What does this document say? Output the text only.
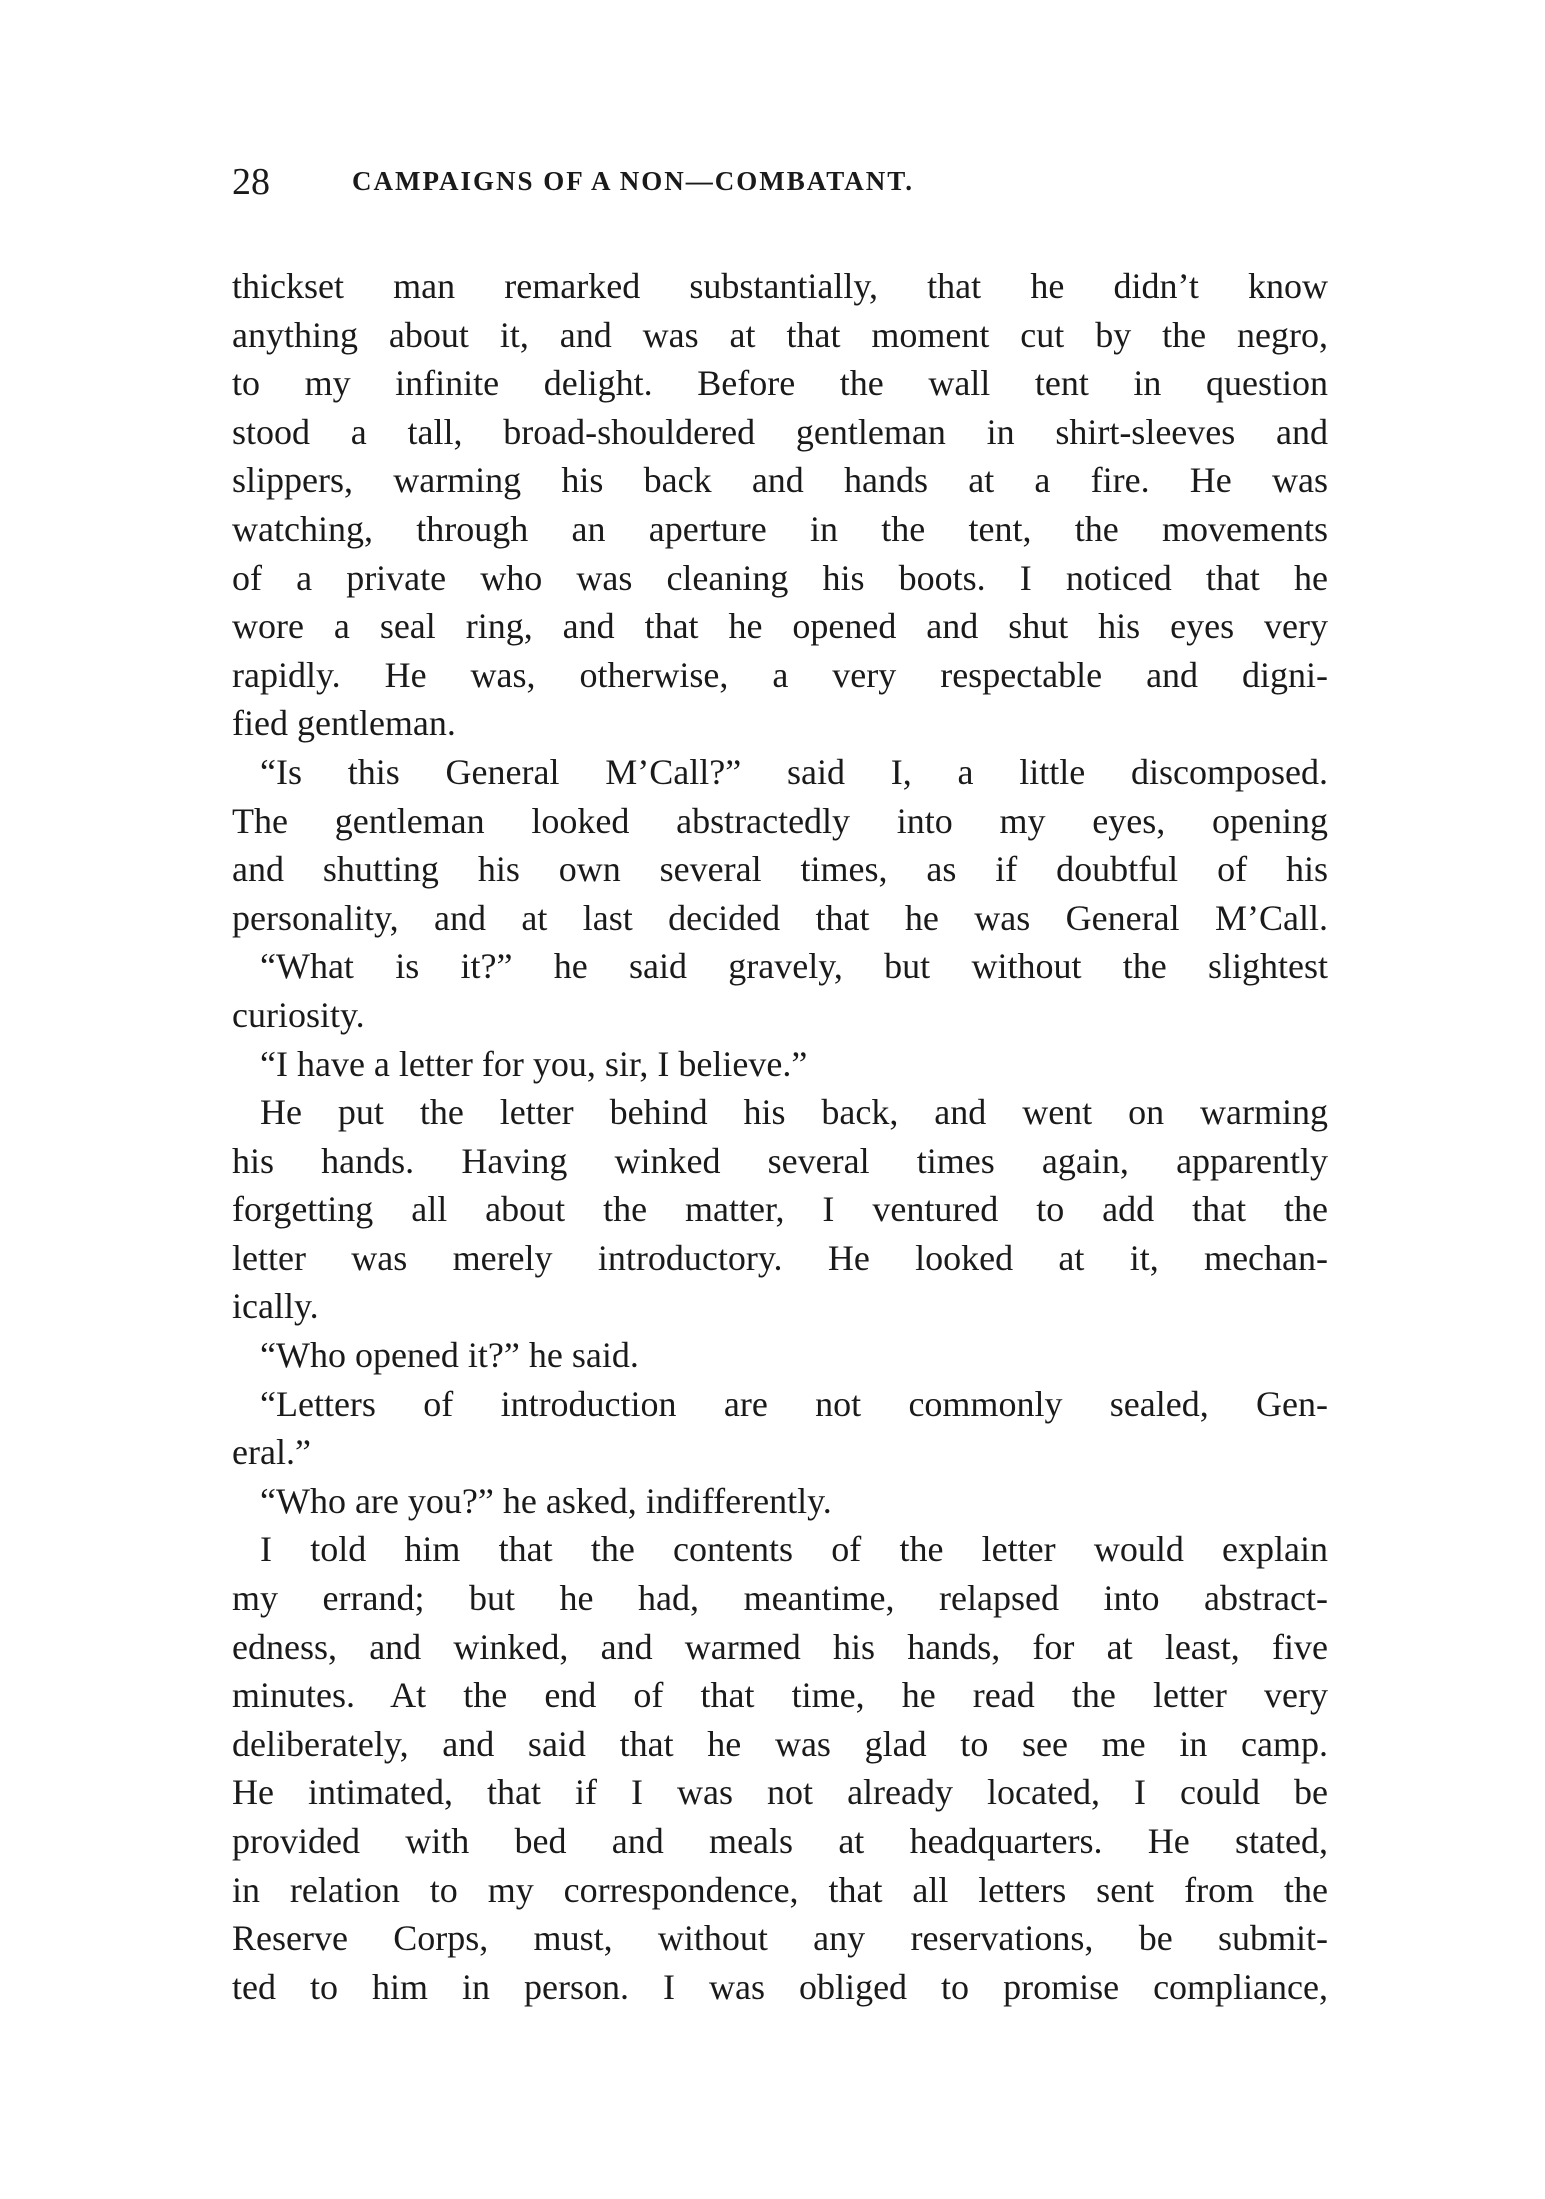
28	CAMPAIGNS OF A NON—COMBATANT.
thickset man remarked substantially, that he didn’t know
anything about it, and was at that moment cut by the negro,
to my infinite delight. Before the wall tent in question
stood a tall, broad-shouldered gentleman in shirt-sleeves and
slippers, warming his back and hands at a fire. He was
watching, through an aperture in the tent, the movements
of a private who was cleaning his boots. I noticed that he
wore a seal ring, and that he opened and shut his eyes very
rapidly. He was, otherwise, a very respectable and digni-
fied gentleman.
“Is this General M’Call?” said I, a little discomposed.
The gentleman looked abstractedly into my eyes, opening
and shutting his own several times, as if doubtful of his
personality, and at last decided that he was General M’Call.
“What is it?” he said gravely, but without the slightest
curiosity.
“I have a letter for you, sir, I believe.”
He put the letter behind his back, and went on warming
his hands. Having winked several times again, apparently
forgetting all about the matter, I ventured to add that the
letter was merely introductory. He looked at it, mechan-
ically.
“Who opened it?” he said.
“Letters of introduction are not commonly sealed, Gen-
eral.”
“Who are you?” he asked, indifferently.
I told him that the contents of the letter would explain
my errand; but he had, meantime, relapsed into abstract-
edness, and winked, and warmed his hands, for at least, five
minutes. At the end of that time, he read the letter very
deliberately, and said that he was glad to see me in camp.
He intimated, that if I was not already located, I could be
provided with bed and meals at headquarters. He stated,
in relation to my correspondence, that all letters sent from the
Reserve Corps, must, without any reservations, be submit-
ted to him in person. I was obliged to promise compliance,
